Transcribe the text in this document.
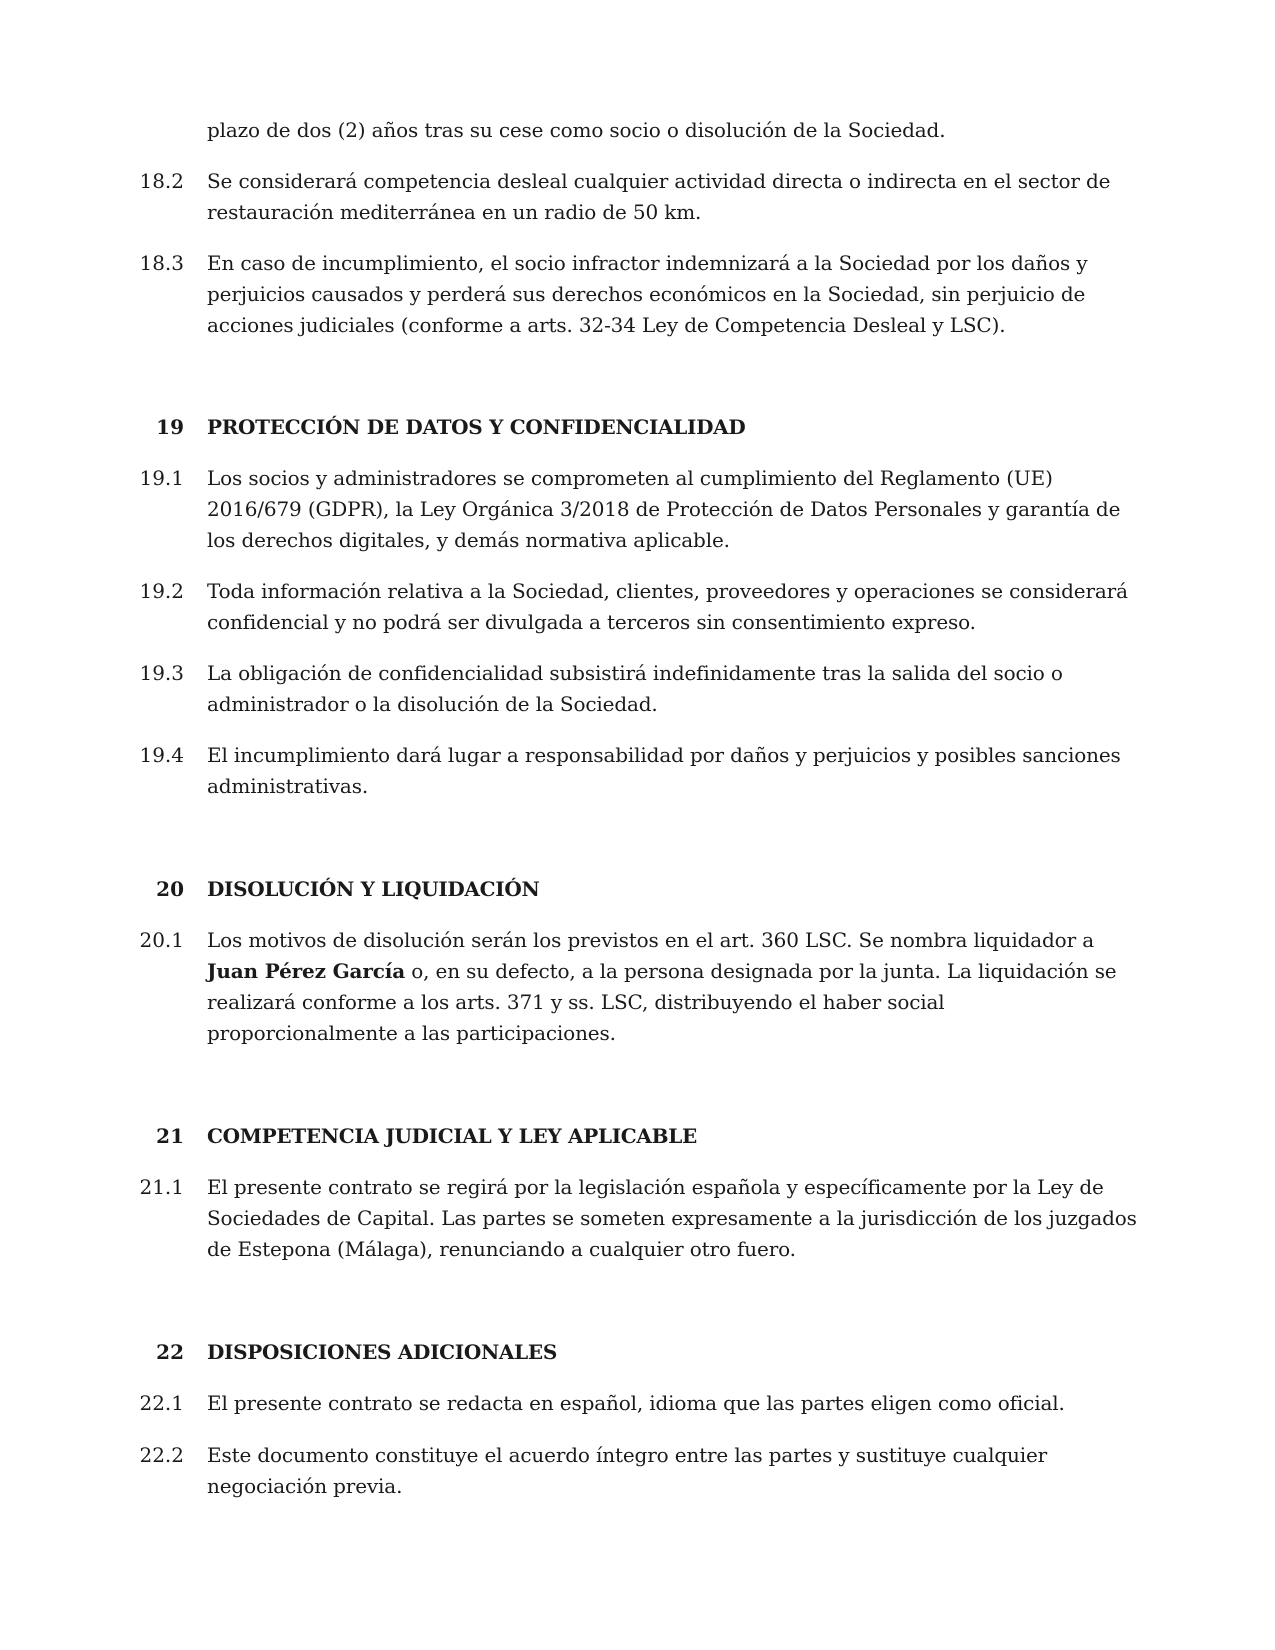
plazo de dos (2) años tras su cese como socio o disolución de la Sociedad.
18.2 Se considerará competencia desleal cualquier actividad directa o indirecta en el sector de restauración mediterránea en un radio de 50 km.
18.3 En caso de incumplimiento, el socio infractor indemnizará a la Sociedad por los daños y perjuicios causados y perderá sus derechos económicos en la Sociedad, sin perjuicio de acciones judiciales (conforme a arts. 32-34 Ley de Competencia Desleal y LSC).
19 PROTECCIÓN DE DATOS Y CONFIDENCIALIDAD
19.1 Los socios y administradores se comprometen al cumplimiento del Reglamento (UE) 2016/679 (GDPR), la Ley Orgánica 3/2018 de Protección de Datos Personales y garantía de los derechos digitales, y demás normativa aplicable.
19.2 Toda información relativa a la Sociedad, clientes, proveedores y operaciones se considerará confidencial y no podrá ser divulgada a terceros sin consentimiento expreso.
19.3 La obligación de confidencialidad subsistirá indefinidamente tras la salida del socio o administrador o la disolución de la Sociedad.
19.4 El incumplimiento dará lugar a responsabilidad por daños y perjuicios y posibles sanciones administrativas.
20 DISOLUCIÓN Y LIQUIDACIÓN
20.1 Los motivos de disolución serán los previstos en el art. 360 LSC. Se nombra liquidador a Juan Pérez García o, en su defecto, a la persona designada por la junta. La liquidación se realizará conforme a los arts. 371 y ss. LSC, distribuyendo el haber social proporcionalmente a las participaciones.
21 COMPETENCIA JUDICIAL Y LEY APLICABLE
21.1 El presente contrato se regirá por la legislación española y específicamente por la Ley de Sociedades de Capital. Las partes se someten expresamente a la jurisdicción de los juzgados de Estepona (Málaga), renunciando a cualquier otro fuero.
22 DISPOSICIONES ADICIONALES
22.1 El presente contrato se redacta en español, idioma que las partes eligen como oficial.
22.2 Este documento constituye el acuerdo íntegro entre las partes y sustituye cualquier negociación previa.
